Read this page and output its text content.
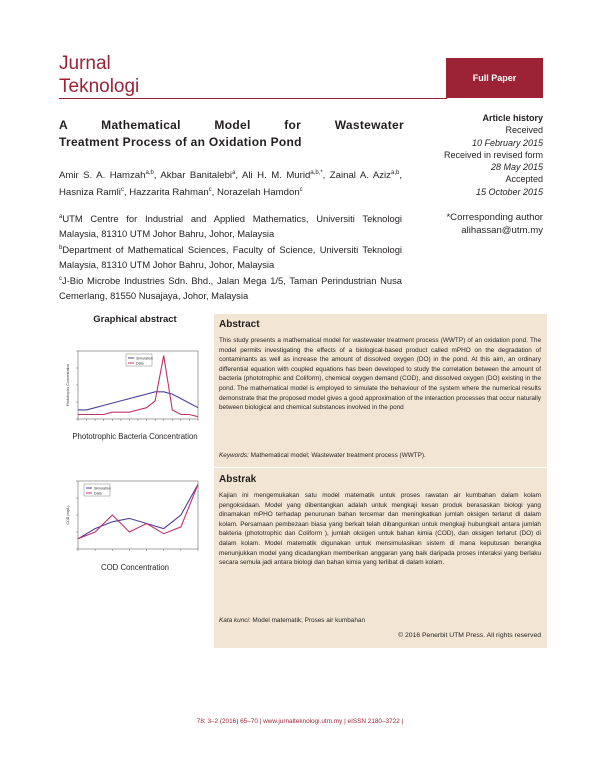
Jurnal
Teknologi	Full Paper
A Mathematical Model for Wastewater
Treatment Process of an Oxidation Pond
Amir S. A. Hamzah$^{a,b}$, Akbar Banitalebi$^a$, Ali H. M. Murid$^{a,b,*}$, Zainal A. Aziz$^{a,b}$, Hasniza Ramli$^c$, Hazzarita Rahman$^c$, Norazelah Hamdon$^c$

$^a$UTM Centre for Industrial and Applied Mathematics, Universiti Teknologi Malaysia, 81310 UTM Johor Bahru, Johor, Malaysia

$^b$Department of Mathematical Sciences, Faculty of Science, Universiti Teknologi Malaysia, 81310 UTM Johor Bahru, Johor, Malaysia

$^c$J-Bio Microbe Industries Sdn. Bhd., Jalan Mega 1/5, Taman Perindustrian Nusa Cemerlang, 81550 Nusajaya, Johor, Malaysia

Article history
Received
10 February 2015
Received in revised form
28 May 2015
Accepted
15 October 2015
*Corresponding author
alihassan@utm.my
Graphical abstract
Phototrophic Concentration
Simulation
Data
Phototrophic Bacteria Concentration
COD (mg/L)
Simulation
Data
COD Concentration
Abstract
This study presents a mathematical model for wastewater treatment process (WWTP) of an oxidation pond. The model permits investigating the effects of a biological-based product called mPHO on the degradation of contaminants as well as increase the amount of dissolved oxygen (DO) in the pond. At this aim, an ordinary differential equation with coupled equations has been developed to study the correlation between the amount of bacteria (phototrophic and Coliform), chemical oxygen demand (COD), and dissolved oxygen (DO) existing in the pond. The mathematical model is employed to simulate the behaviour of the system where the numerical results demonstrate that the proposed model gives a good approximation of the interaction processes that occur naturally between biological and chemical substances involved in the pond
Keywords: Mathematical model; Wastewater treatment process (WWTP).
Abstrak
Kajian ini mengemukakan satu model matematik untuk proses rawatan air kumbahan dalam kolam pengoksidaan. Model yang dibentangkan adalah untuk mengkaji kesan produk berasaskan biologi yang dinamakan mPHO terhadap penurunan bahan tercemar dan meningkatkan jumlah oksigen terlarut di dalam kolam. Persamaan pembezaan biasa yang berkait telah dibangunkan untuk mengkaji hubungkait antara jumlah bakteria (phototrophic dan Coliform ), jumlah oksigen untuk bahan kimia (COD), dan oksigen terlarut (DO) di dalam kolam. Model matematik digunakan untuk mensimulasikan sistem di mana keputusan berangka menunjukkan model yang dicadangkan memberikan anggaran yang baik daripada proses interaksi yang berlaku secara semula jadi antara biologi dan bahan kimia yang terlibat di dalam kolam.
Kata kunci: Model matematik; Proses air kumbahan
© 2016 Penerbit UTM Press. All rights reserved
78: 3–2 (2016) 65–70 | www.jurnalteknologi.utm.my | eISSN 2180–3722 |
